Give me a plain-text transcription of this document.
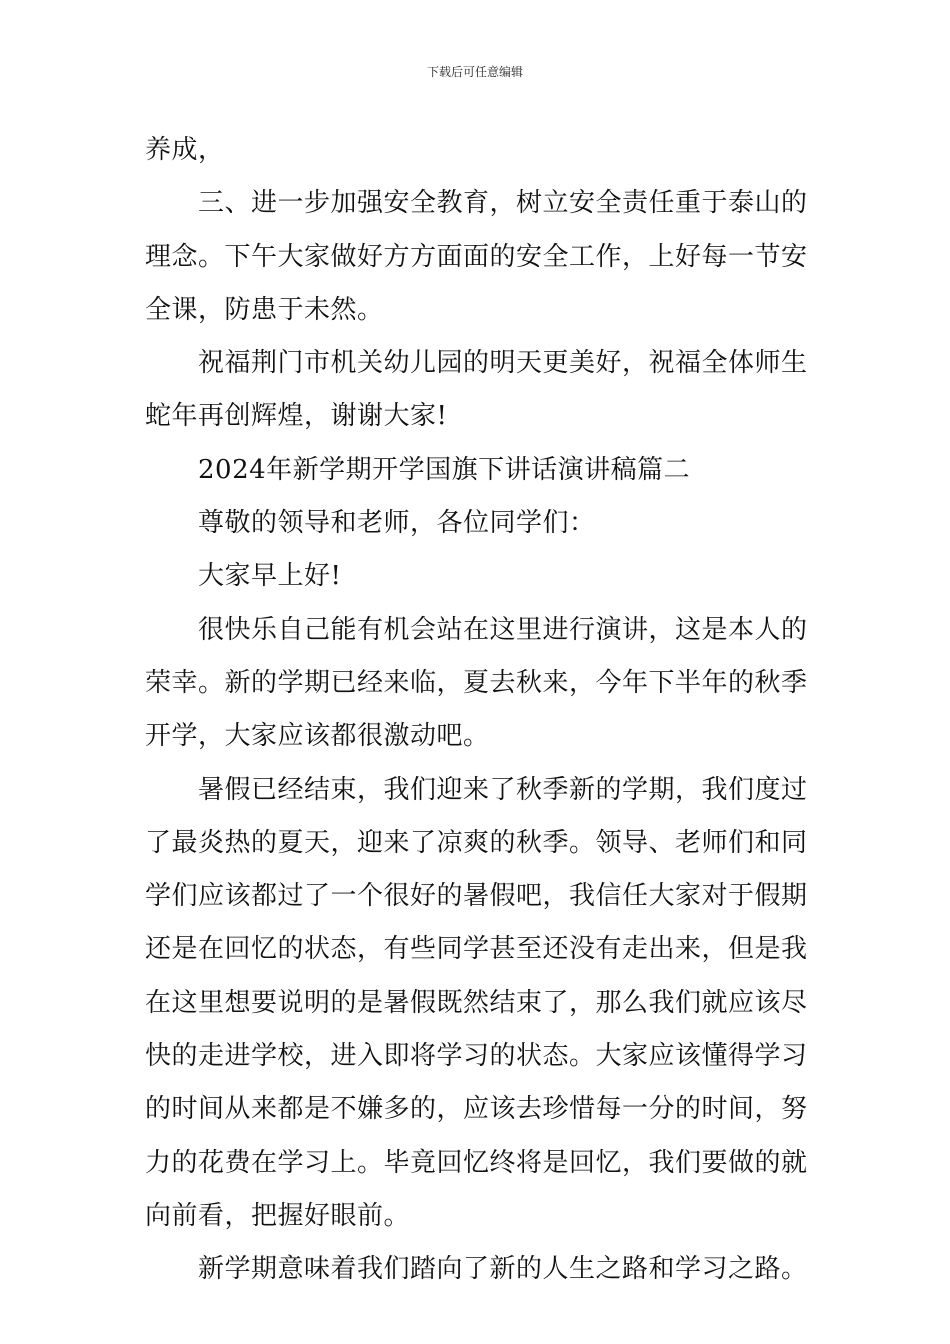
下载后可任意编辑
养成，
三、进一步加强安全教育，树立安全责任重于泰山的
理念。下午大家做好方方面面的安全工作，上好每一节安
全课，防患于未然。
祝福荆门市机关幼儿园的明天更美好，祝福全体师生
蛇年再创辉煌，谢谢大家!
2024年新学期开学国旗下讲话演讲稿篇二
尊敬的领导和老师，各位同学们：
大家早上好!
很快乐自己能有机会站在这里进行演讲，这是本人的
荣幸。新的学期已经来临，夏去秋来，今年下半年的秋季
开学，大家应该都很激动吧。
暑假已经结束，我们迎来了秋季新的学期，我们度过
了最炎热的夏天，迎来了凉爽的秋季。领导、老师们和同
学们应该都过了一个很好的暑假吧，我信任大家对于假期
还是在回忆的状态，有些同学甚至还没有走出来，但是我
在这里想要说明的是暑假既然结束了，那么我们就应该尽
快的走进学校，进入即将学习的状态。大家应该懂得学习
的时间从来都是不嫌多的，应该去珍惜每一分的时间，努
力的花费在学习上。毕竟回忆终将是回忆，我们要做的就
向前看，把握好眼前。
新学期意味着我们踏向了新的人生之路和学习之路。
